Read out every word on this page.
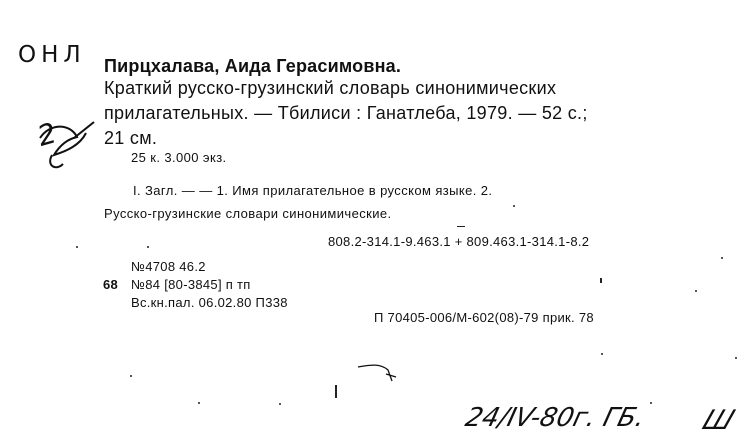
ОНЛ
2
Пирцхалава, Аида Герасимовна.
Краткий русско-грузинский словарь синонимических
прилагательных. — Тбилиси : Ганатлеба, 1979. — 52 с.;
21 см.
25 к. 3.000 экз.
I. Загл. — — 1. Имя прилагательное в русском языке. 2.
Русско-грузинские словари синонимические.
808.2-314.1-9.463.1 + 809.463.1-314.1-8.2
№4708 46.2
68 №84 [80-3845] п тп
Вс.кн.пал. 06.02.80 П338
П 70405-006/М-602(08)-79 прик. 78
24/IV-80г. ГБ. Ш
